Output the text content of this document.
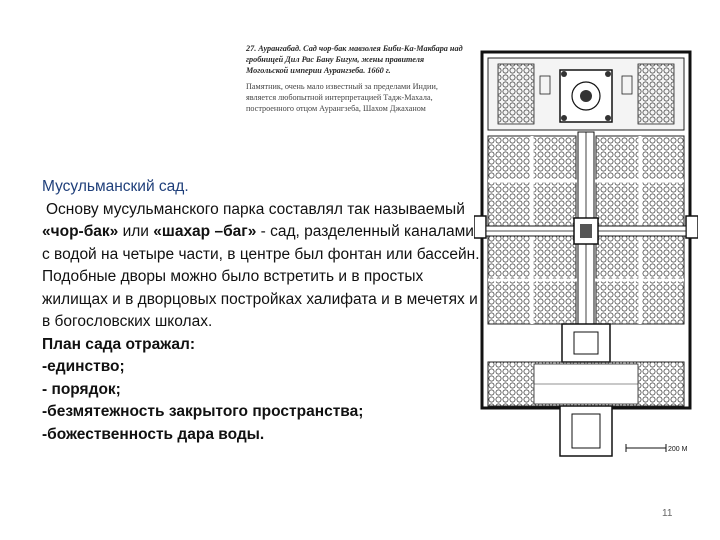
27. Аурангабад. Сад чор-бак мавзолея Биби-Ка-Макбара над гробницей Дил Рас Бану Бигум, жены правителя Могольской империи Аурангзеба. 1660 г.
Памятник, очень мало известный за пределами Индии, является любопытной интерпретацией Тадж-Махала, построенного отцом Аурангзеба, Шахом Джаханом
200 М
Мусульманский сад.
Основу мусульманского парка составлял так называемый «чор-бак» или «шахар –баг» - сад, разделенный каналами с водой на четыре части, в центре был фонтан или бассейн. Подобные дворы можно было встретить и в простых жилищах и в дворцовых постройках халифата и в мечетях и в богословских школах.
План сада отражал:
-единство;
- порядок;
-безмятежность закрытого пространства;
-божественность дара воды.
11
